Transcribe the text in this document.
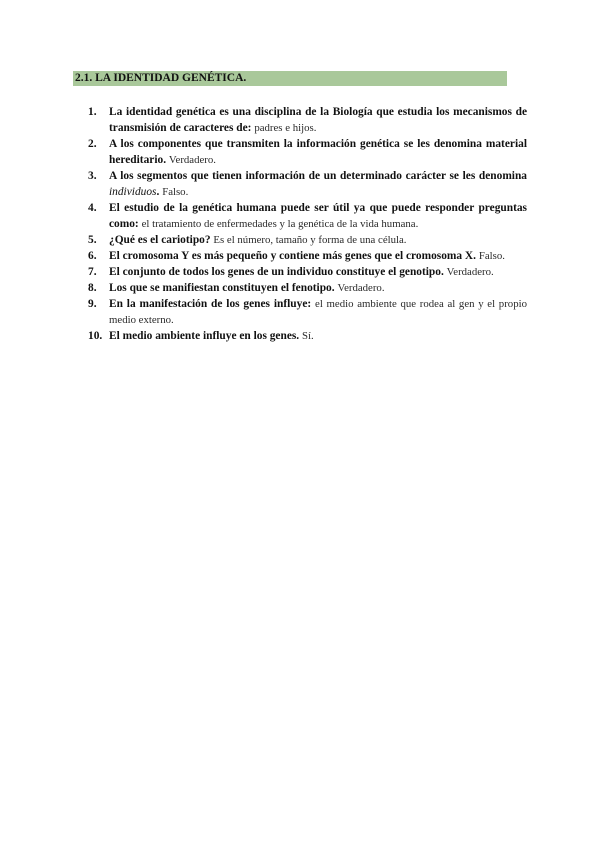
2.1. LA IDENTIDAD GENÉTICA.
1. La identidad genética es una disciplina de la Biología que estudia los mecanismos de transmisión de caracteres de: padres e hijos.
2. A los componentes que transmiten la información genética se les denomina material hereditario. Verdadero.
3. A los segmentos que tienen información de un determinado carácter se les denomina individuos. Falso.
4. El estudio de la genética humana puede ser útil ya que puede responder preguntas como: el tratamiento de enfermedades y la genética de la vida humana.
5. ¿Qué es el cariotipo? Es el número, tamaño y forma de una célula.
6. El cromosoma Y es más pequeño y contiene más genes que el cromosoma X. Falso.
7. El conjunto de todos los genes de un individuo constituye el genotipo. Verdadero.
8. Los que se manifiestan constituyen el fenotipo. Verdadero.
9. En la manifestación de los genes influye: el medio ambiente que rodea al gen y el propio medio externo.
10. El medio ambiente influye en los genes. Sí.
